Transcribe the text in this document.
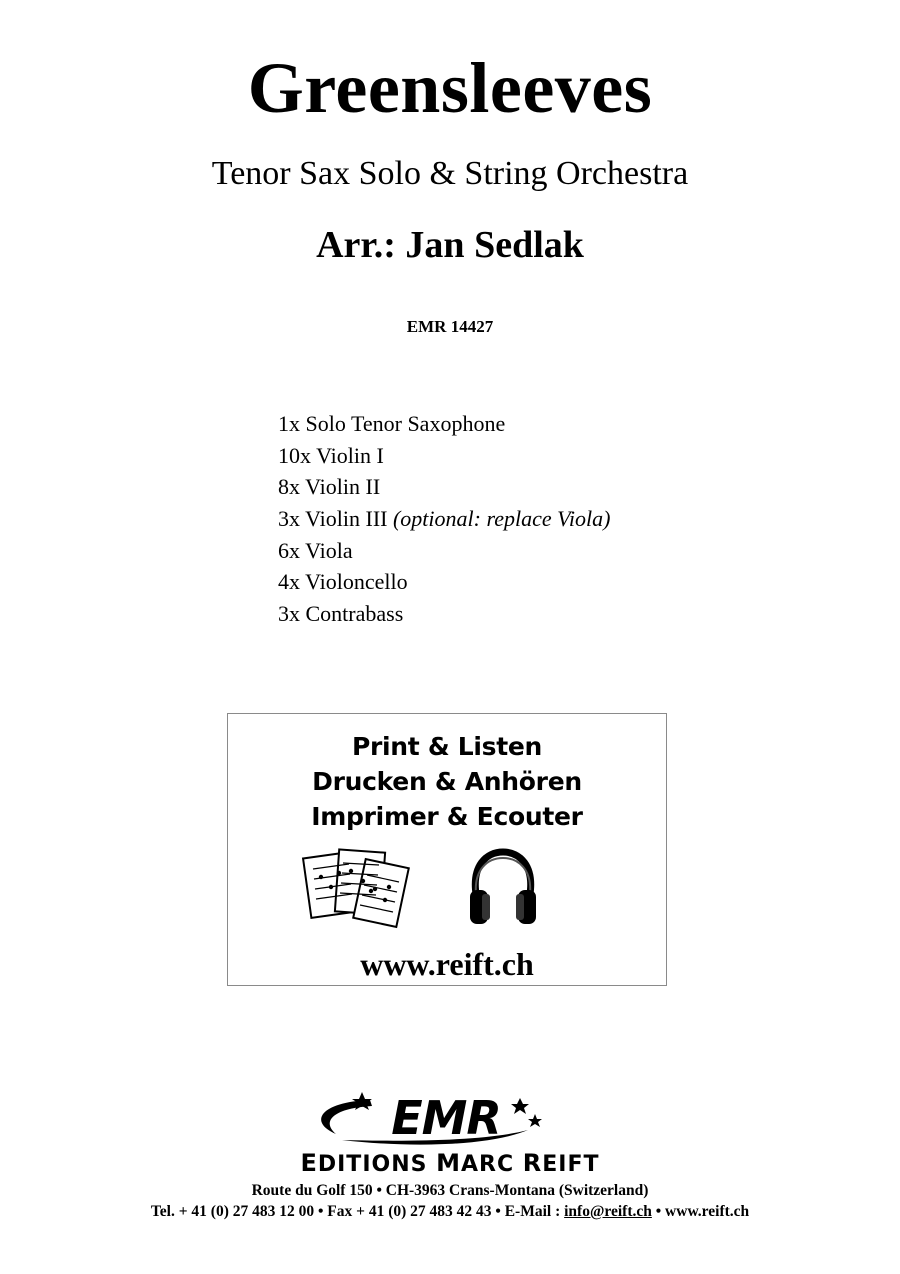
Greensleeves
Tenor Sax Solo & String Orchestra
Arr.: Jan Sedlak
EMR 14427
1x Solo Tenor Saxophone
10x Violin I
8x Violin II
3x Violin III (optional: replace Viola)
6x Viola
4x Violoncello
3x Contrabass
Print & Listen
Drucken & Anhören
Imprimer & Ecouter
www.reift.ch
EMR
EDITIONS MARC REIFT
Route du Golf 150 • CH-3963 Crans-Montana (Switzerland)
Tel. + 41 (0) 27 483 12 00 • Fax + 41 (0) 27 483 42 43 • E-Mail : info@reift.ch • www.reift.ch
